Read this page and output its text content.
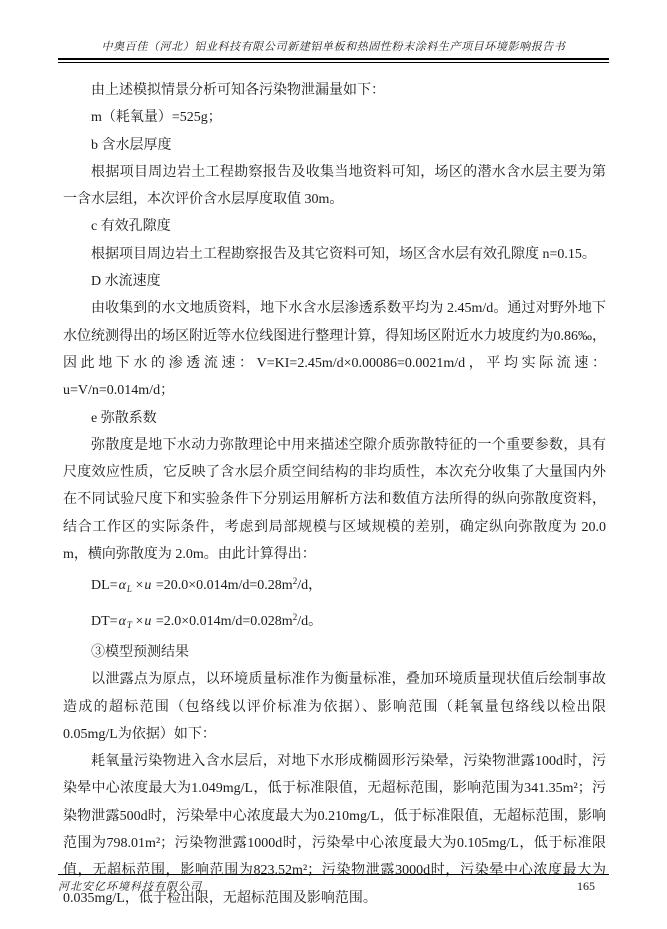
中奥百佳（河北）铝业科技有限公司新建铝单板和热固性粉末涂料生产项目环境影响报告书

由上述模拟情景分析可知各污染物泄漏量如下：

m（耗氧量）=525g；

b 含水层厚度

根据项目周边岩土工程勘察报告及收集当地资料可知，场区的潜水含水层主要为第一含水层组，本次评价含水层厚度取值 30m。

c 有效孔隙度

根据项目周边岩土工程勘察报告及其它资料可知，场区含水层有效孔隙度 n=0.15。

D 水流速度

由收集到的水文地质资料，地下水含水层渗透系数平均为 2.45m/d。通过对野外地下水位统测得出的场区附近等水位线图进行整理计算，得知场区附近水力坡度约为0.86‰，因此地下水的渗透流速：V=KI=2.45m/d×0.00086=0.0021m/d，平均实际流速：u=V/n=0.014m/d；

e 弥散系数

弥散度是地下水动力弥散理论中用来描述空隙介质弥散特征的一个重要参数，具有尺度效应性质，它反映了含水层介质空间结构的非均质性，本次充分收集了大量国内外在不同试验尺度下和实验条件下分别运用解析方法和数值方法所得的纵向弥散度资料，结合工作区的实际条件，考虑到局部规模与区域规模的差别，确定纵向弥散度为 20.0 m，横向弥散度为 2.0m。由此计算得出：

$DL=\alpha_L \times u =20.0\times 0.014m/d=0.28m^2/d$，

$DT=\alpha_T \times u =2.0\times 0.014m/d=0.028m^2/d$。

③模型预测结果

以泄露点为原点，以环境质量标准作为衡量标准，叠加环境质量现状值后绘制事故造成的超标范围（包络线以评价标准为依据）、影响范围（耗氧量包络线以检出限0.05mg/L为依据）如下：

耗氧量污染物进入含水层后，对地下水形成椭圆形污染晕，污染物泄露100d时，污染晕中心浓度最大为1.049mg/L，低于标准限值，无超标范围，影响范围为341.35m²；污染物泄露500d时，污染晕中心浓度最大为0.210mg/L，低于标准限值，无超标范围，影响范围为798.01m²；污染物泄露1000d时，污染晕中心浓度最大为0.105mg/L，低于标准限值，无超标范围，影响范围为823.52m²；污染物泄露3000d时，污染晕中心浓度最大为0.035mg/L，低于检出限，无超标范围及影响范围。

河北安亿环境科技有限公司	165
